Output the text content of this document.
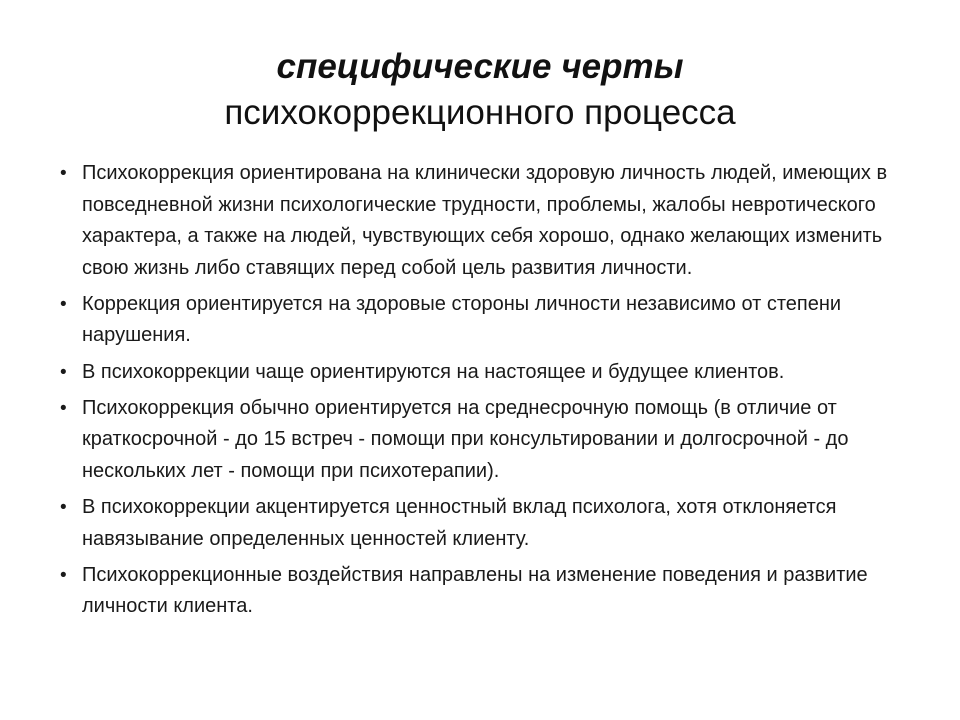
специфические черты
психокоррекционного процесса
• Психокоррекция ориентирована на клинически здоровую личность людей, имеющих в повседневной жизни психологические трудности, проблемы, жалобы невротического характера, а также на людей, чувствующих себя хорошо, однако желающих изменить свою жизнь либо ставящих перед собой цель развития личности.
• Коррекция ориентируется на здоровые стороны личности независимо от степени нарушения.
• В психокоррекции чаще ориентируются на настоящее и будущее клиентов.
• Психокоррекция обычно ориентируется на среднесрочную помощь (в отличие от краткосрочной - до 15 встреч - помощи при консультировании и долгосрочной - до нескольких лет - помощи при психотерапии).
• В психокоррекции акцентируется ценностный вклад психолога, хотя отклоняется навязывание определенных ценностей клиенту.
• Психокоррекционные воздействия направлены на изменение поведения и развитие личности клиента.
